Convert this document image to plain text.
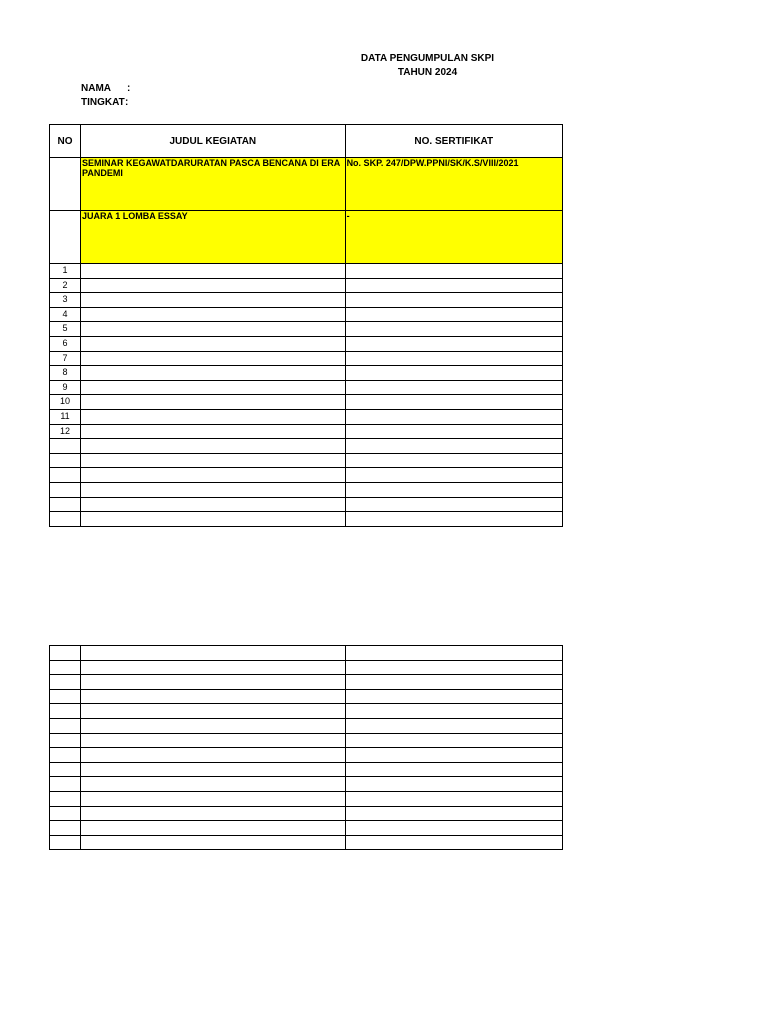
DATA PENGUMPULAN SKPI
TAHUN 2024
NAMA :
TINGKAT:
NO	JUDUL KEGIATAN	NO. SERTIFIKAT
	SEMINAR KEGAWATDARURATAN PASCA BENCANA DI ERA PANDEMI	No. SKP. 247/DPW.PPNI/SK/K.S/VIII/2021
	JUARA 1 LOMBA ESSAY	-
1		
2		
3		
4		
5		
6		
7		
8		
9		
10		
11		
12		
